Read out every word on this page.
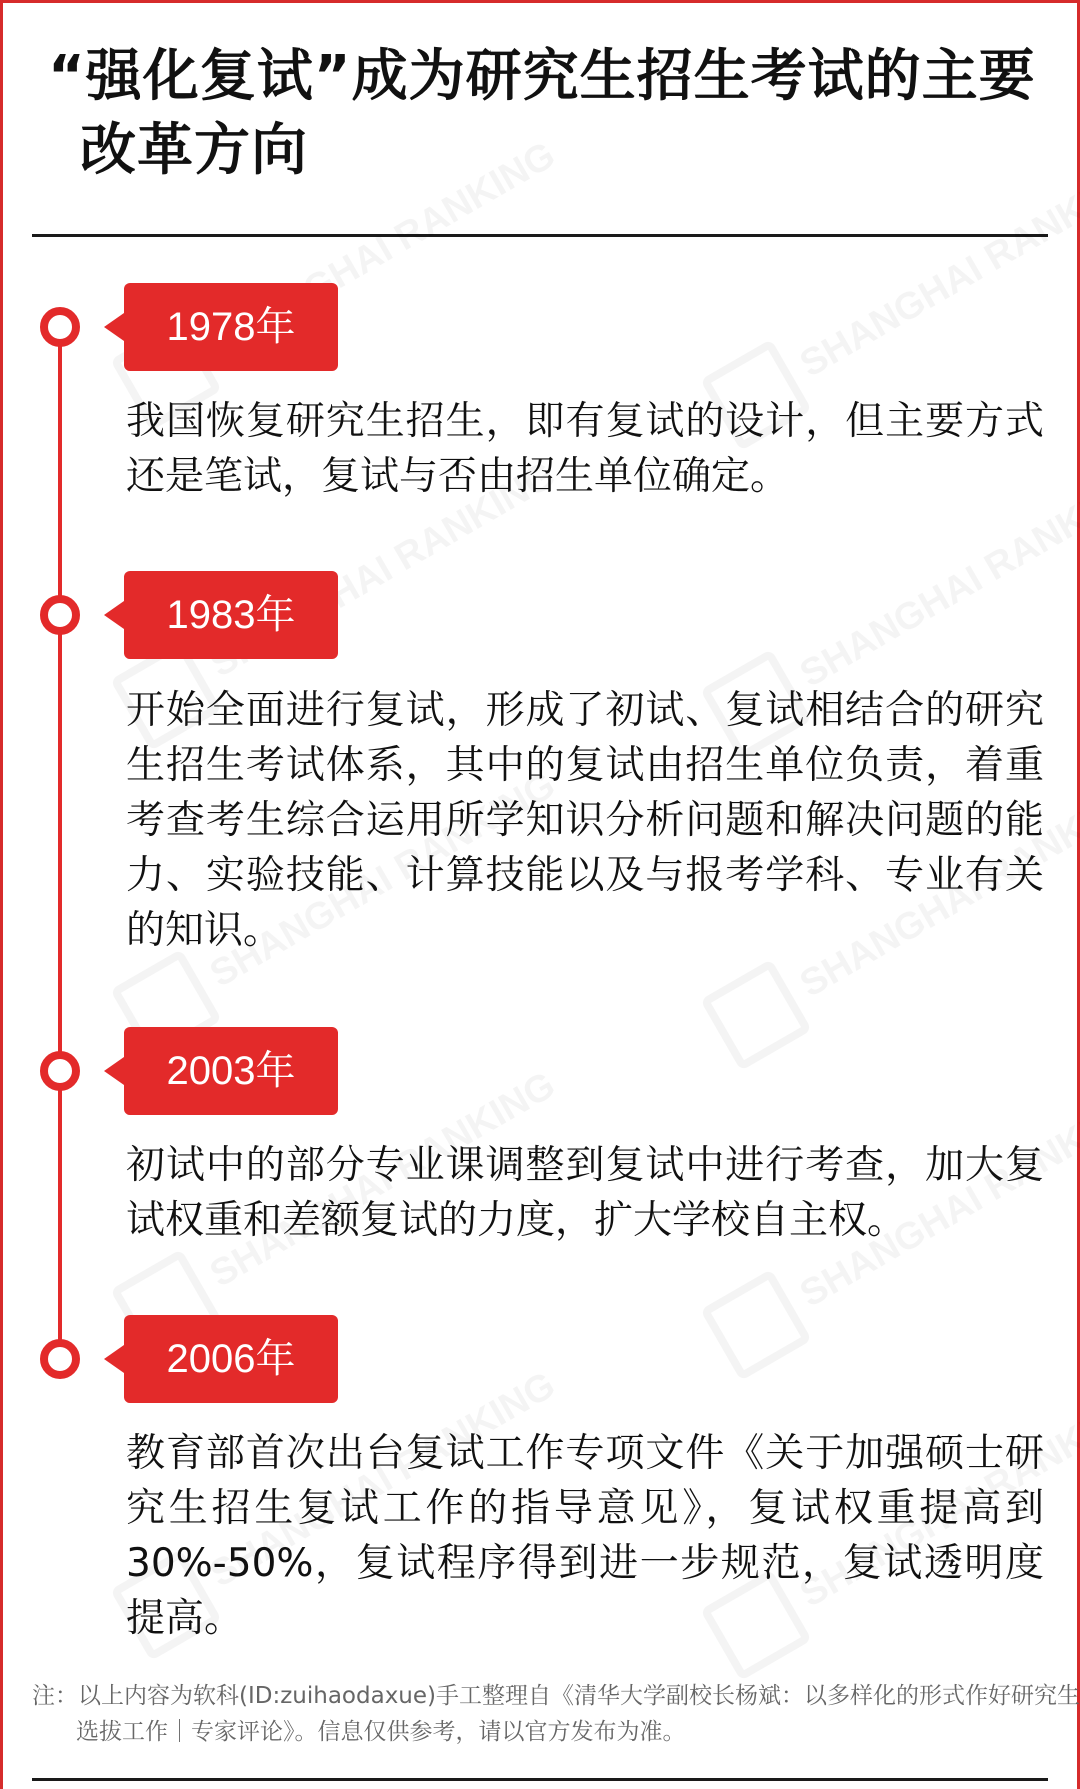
“强化复试”成为研究生招生考试的主要
改革方向
1978年
我国恢复研究生招生，即有复试的设计，但主要方式还是笔试，复试与否由招生单位确定。
1983年
开始全面进行复试，形成了初试、复试相结合的研究生招生考试体系，其中的复试由招生单位负责，着重考查考生综合运用所学知识分析问题和解决问题的能力、实验技能、计算技能以及与报考学科、专业有关的知识。
2003年
初试中的部分专业课调整到复试中进行考查，加大复试权重和差额复试的力度，扩大学校自主权。
2006年
教育部首次出台复试工作专项文件《关于加强硕士研究生招生复试工作的指导意见》，复试权重提高到30%-50%，复试程序得到进一步规范，复试透明度提高。
注：以上内容为软科(ID:zuihaodaxue)手工整理自《清华大学副校长杨斌：以多样化的形式作好研究生选拔工作｜专家评论》。信息仅供参考，请以官方发布为准。
